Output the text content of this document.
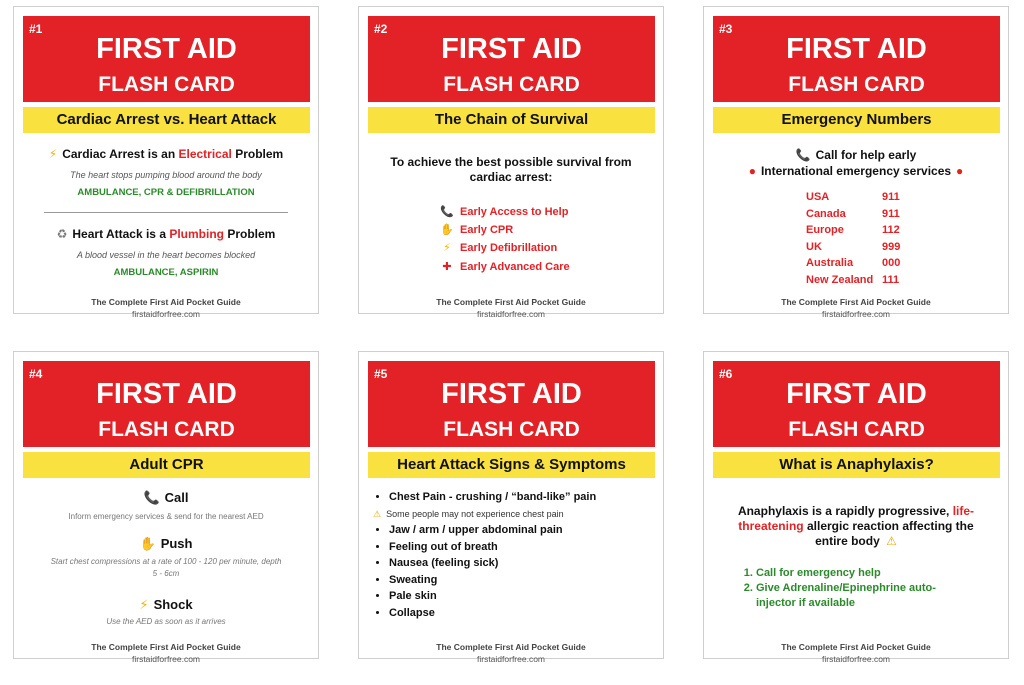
#1
FIRST AID
FLASH CARD
Cardiac Arrest vs. Heart Attack
⚡ Cardiac Arrest is an Electrical Problem
The heart stops pumping blood around the body
AMBULANCE, CPR & DEFIBRILLATION
♻ Heart Attack is a Plumbing Problem
A blood vessel in the heart becomes blocked
AMBULANCE, ASPIRIN
The Complete First Aid Pocket Guide
firstaidforfree.com
#2
FIRST AID
FLASH CARD
The Chain of Survival
To achieve the best possible survival from cardiac arrest:
📞 Early Access to Help
✋ Early CPR
⚡ Early Defibrillation
✚ Early Advanced Care
The Complete First Aid Pocket Guide
firstaidforfree.com
#3
FIRST AID
FLASH CARD
Emergency Numbers
📞 Call for help early
● International emergency services ●
USA	911
Canada	911
Europe	112
UK	999
Australia	000
New Zealand 111
The Complete First Aid Pocket Guide
firstaidforfree.com
#4
FIRST AID
FLASH CARD
Adult CPR
📞 Call
Inform emergency services & send for the nearest AED
✋ Push
Start chest compressions at a rate of 100 - 120 per minute, depth 5 - 6cm
⚡ Shock
Use the AED as soon as it arrives
The Complete First Aid Pocket Guide
firstaidforfree.com
#5
FIRST AID
FLASH CARD
Heart Attack Signs & Symptoms
• Chest Pain - crushing / “band-like” pain
⚠ Some people may not experience chest pain
• Jaw / arm / upper abdominal pain
• Feeling out of breath
• Nausea (feeling sick)
• Sweating
• Pale skin
• Collapse
The Complete First Aid Pocket Guide
firstaidforfree.com
#6
FIRST AID
FLASH CARD
What is Anaphylaxis?
Anaphylaxis is a rapidly progressive, life-threatening allergic reaction affecting the entire body ⚠
1. Call for emergency help
2. Give Adrenaline/Epinephrine auto-injector if available
The Complete First Aid Pocket Guide
firstaidforfree.com
